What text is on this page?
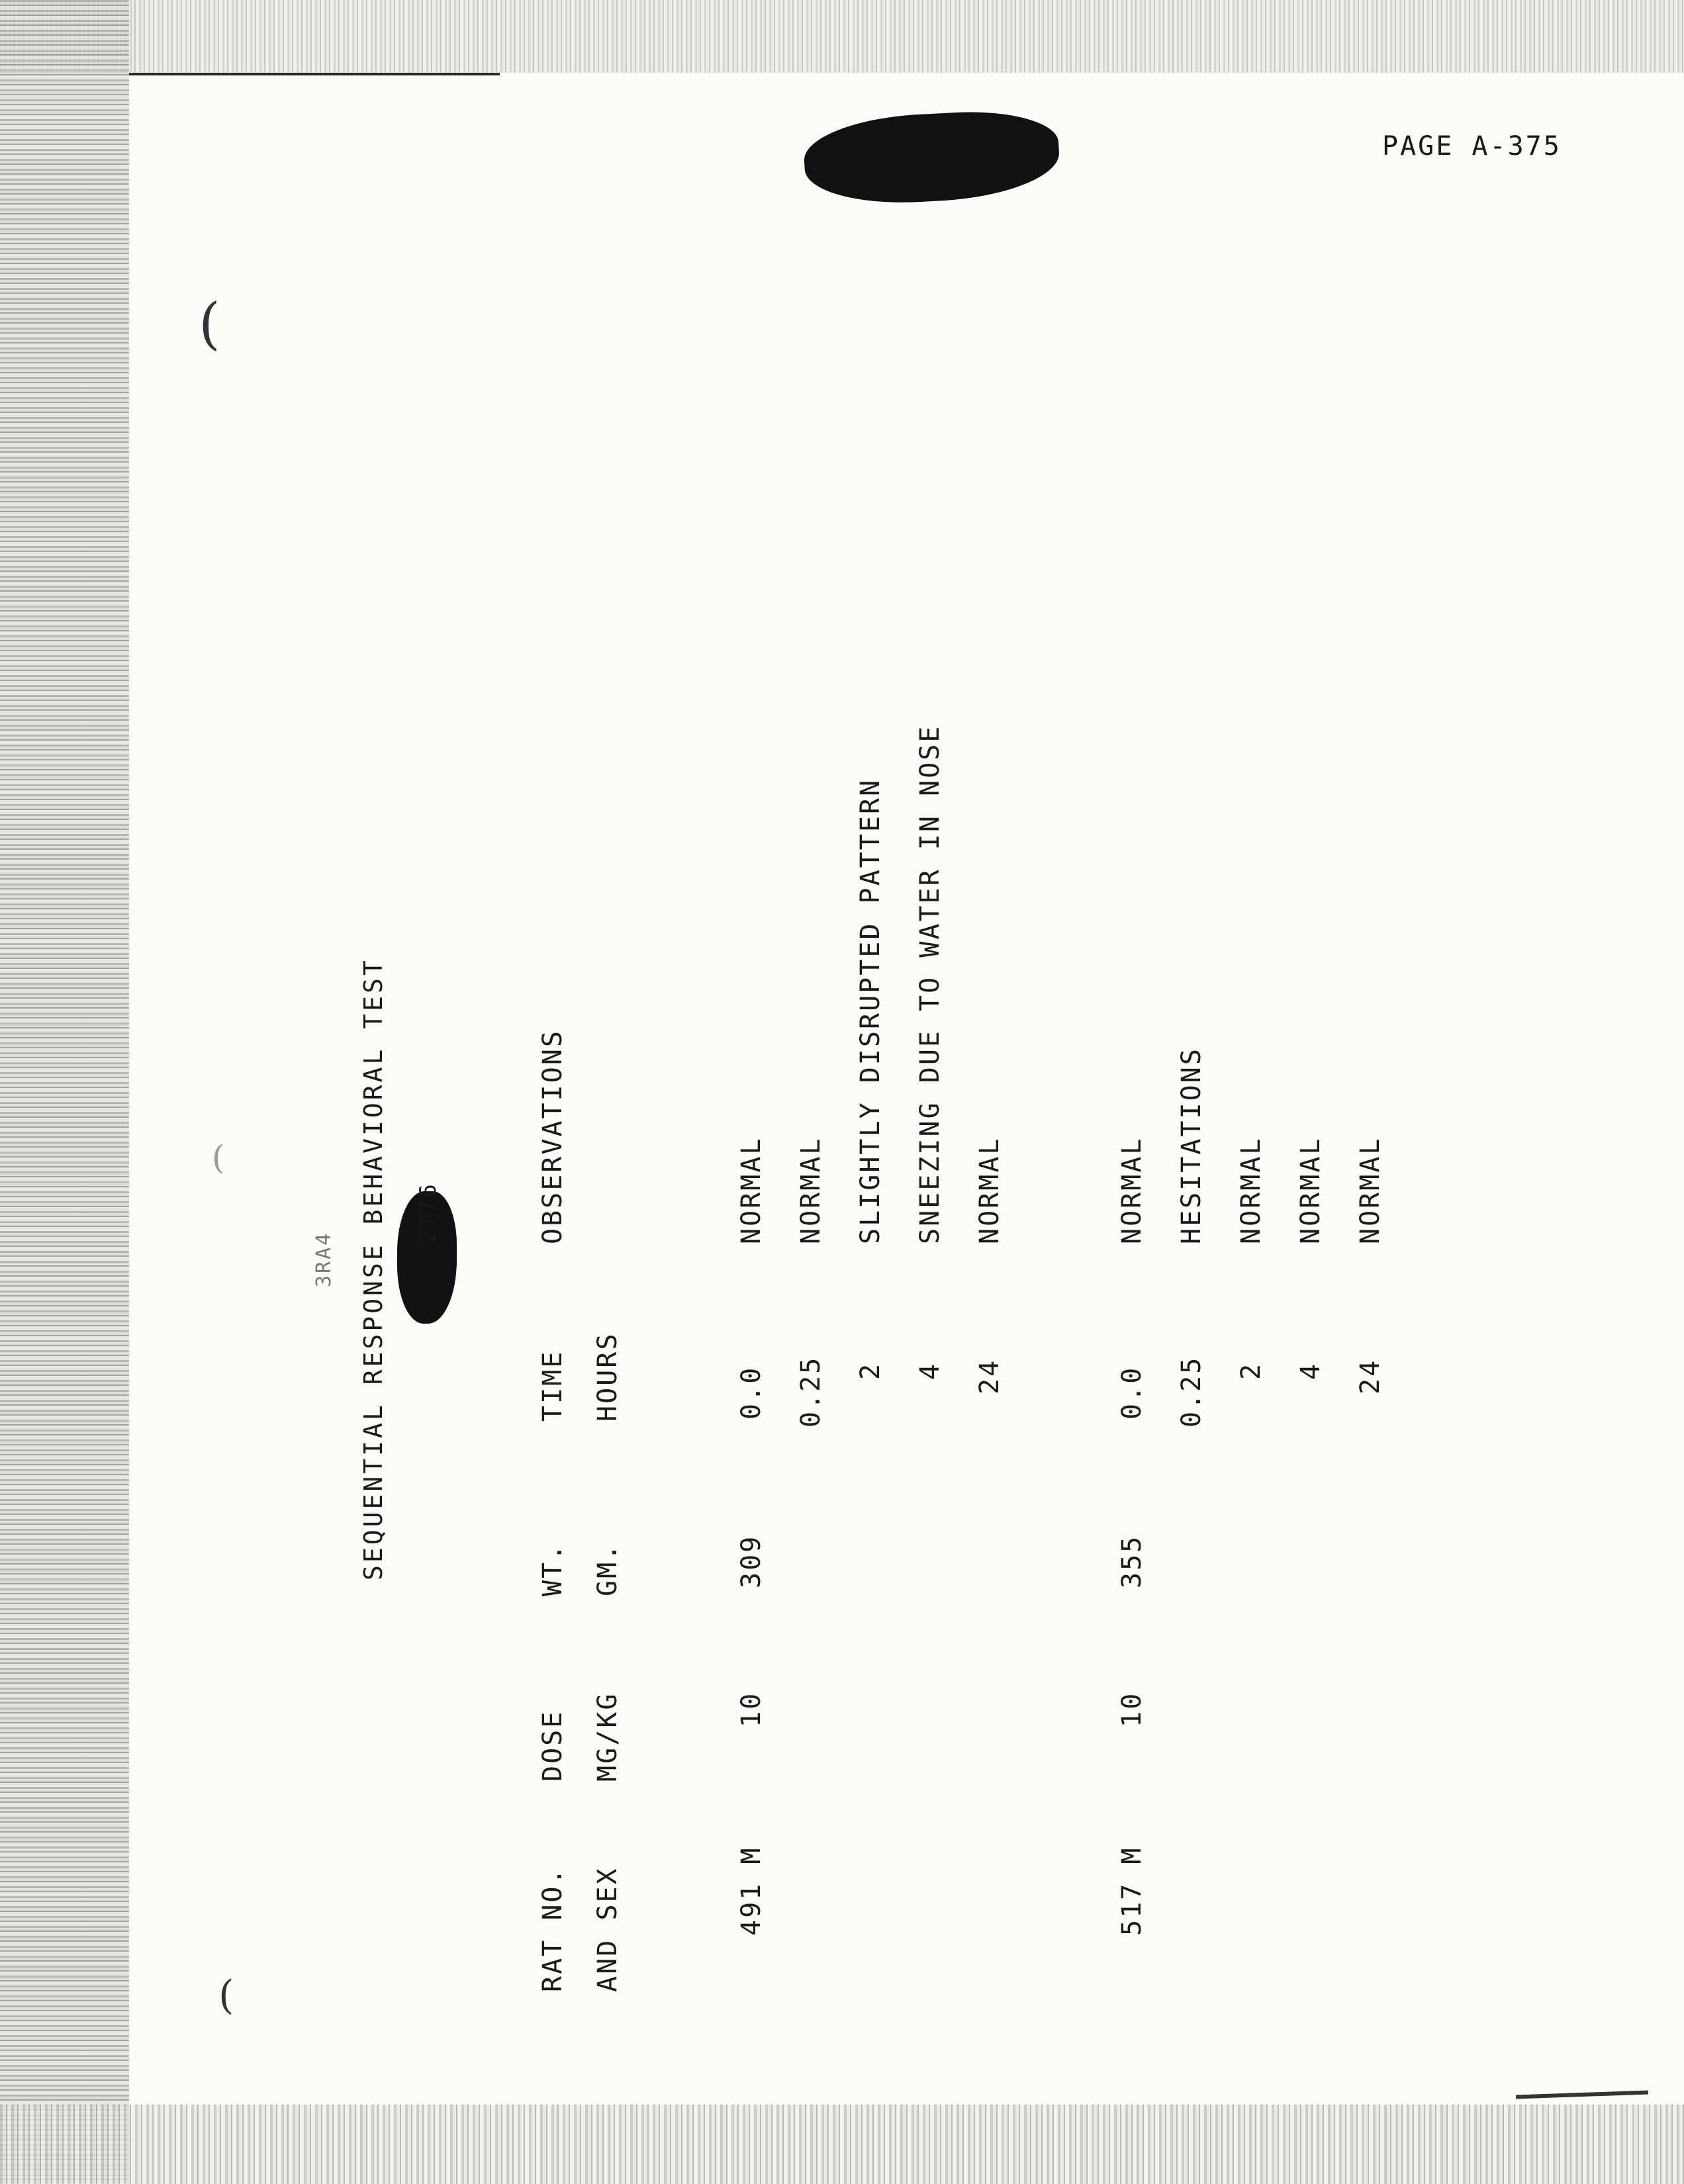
PAGE A-375
(
(
(
3RA4 SEQUENTIAL RESPONSE BEHAVIORAL TEST 2776
RAT NO. AND SEX
DOSE MG/KG
WT. GM.
TIME HOURS
OBSERVATIONS
491 M
10
309
0.0
NORMAL
0.25
NORMAL
2
SLIGHTLY DISRUPTED PATTERN
4
SNEEZING DUE TO WATER IN NOSE
24
NORMAL
517 M
10
355
0.0
NORMAL
0.25
HESITATIONS
2
NORMAL
4
NORMAL
24
NORMAL
